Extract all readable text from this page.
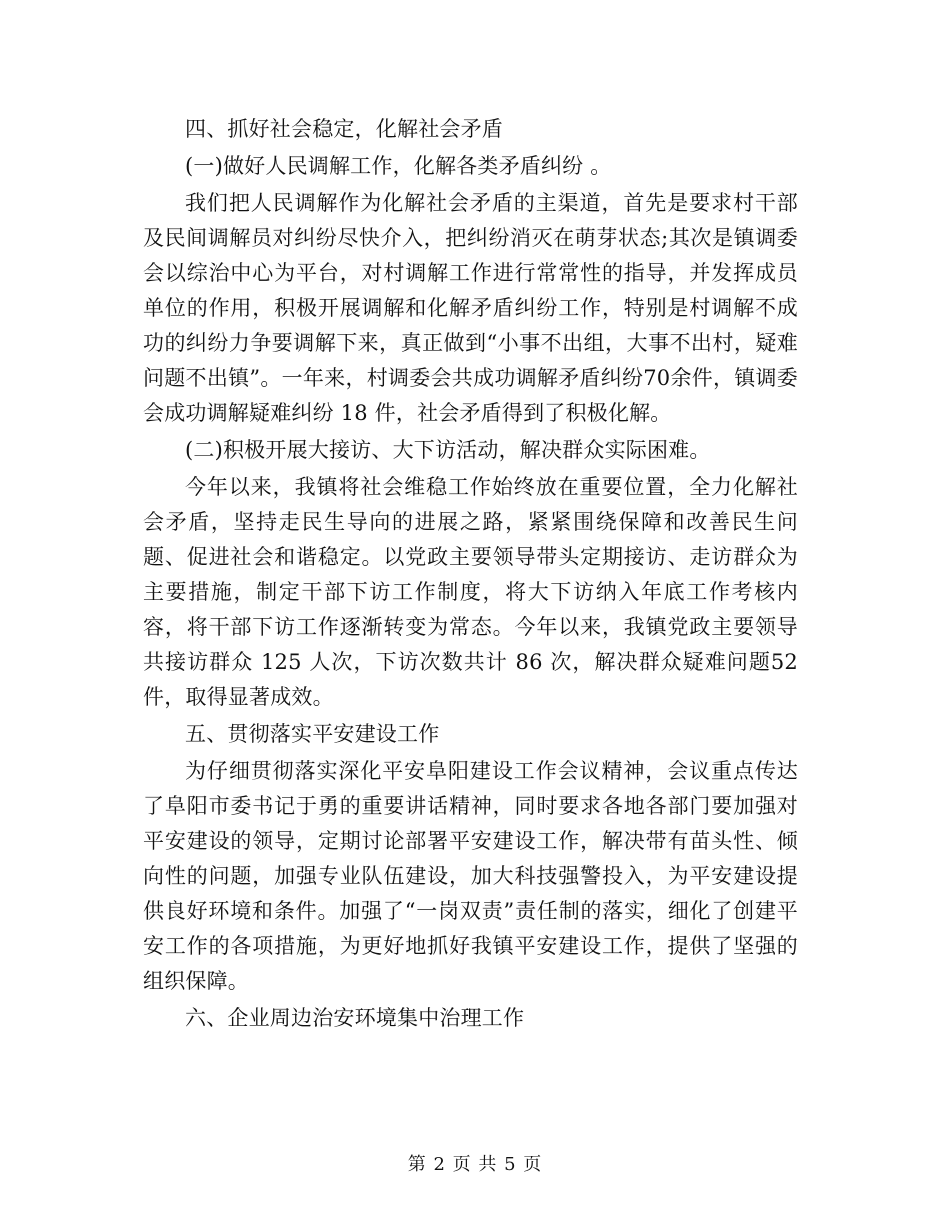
四、抓好社会稳定，化解社会矛盾

(一)做好人民调解工作，化解各类矛盾纠纷 。

我们把人民调解作为化解社会矛盾的主渠道，首先是要求村干部及民间调解员对纠纷尽快介入，把纠纷消灭在萌芽状态;其次是镇调委会以综治中心为平台，对村调解工作进行常常性的指导，并发挥成员单位的作用，积极开展调解和化解矛盾纠纷工作，特别是村调解不成功的纠纷力争要调解下来，真正做到“小事不出组，大事不出村，疑难问题不出镇”。一年来，村调委会共成功调解矛盾纠纷70余件，镇调委会成功调解疑难纠纷 18 件，社会矛盾得到了积极化解。

(二)积极开展大接访、大下访活动，解决群众实际困难。

今年以来，我镇将社会维稳工作始终放在重要位置，全力化解社会矛盾，坚持走民生导向的进展之路，紧紧围绕保障和改善民生问题、促进社会和谐稳定。以党政主要领导带头定期接访、走访群众为主要措施，制定干部下访工作制度，将大下访纳入年底工作考核内容，将干部下访工作逐渐转变为常态。今年以来，我镇党政主要领导共接访群众 125 人次，下访次数共计 86 次，解决群众疑难问题52件，取得显著成效。

五、贯彻落实平安建设工作

为仔细贯彻落实深化平安阜阳建设工作会议精神，会议重点传达了阜阳市委书记于勇的重要讲话精神，同时要求各地各部门要加强对平安建设的领导，定期讨论部署平安建设工作，解决带有苗头性、倾向性的问题，加强专业队伍建设，加大科技强警投入，为平安建设提供良好环境和条件。加强了“一岗双责”责任制的落实，细化了创建平安工作的各项措施，为更好地抓好我镇平安建设工作，提供了坚强的组织保障。

六、企业周边治安环境集中治理工作

第 2 页 共 5 页
